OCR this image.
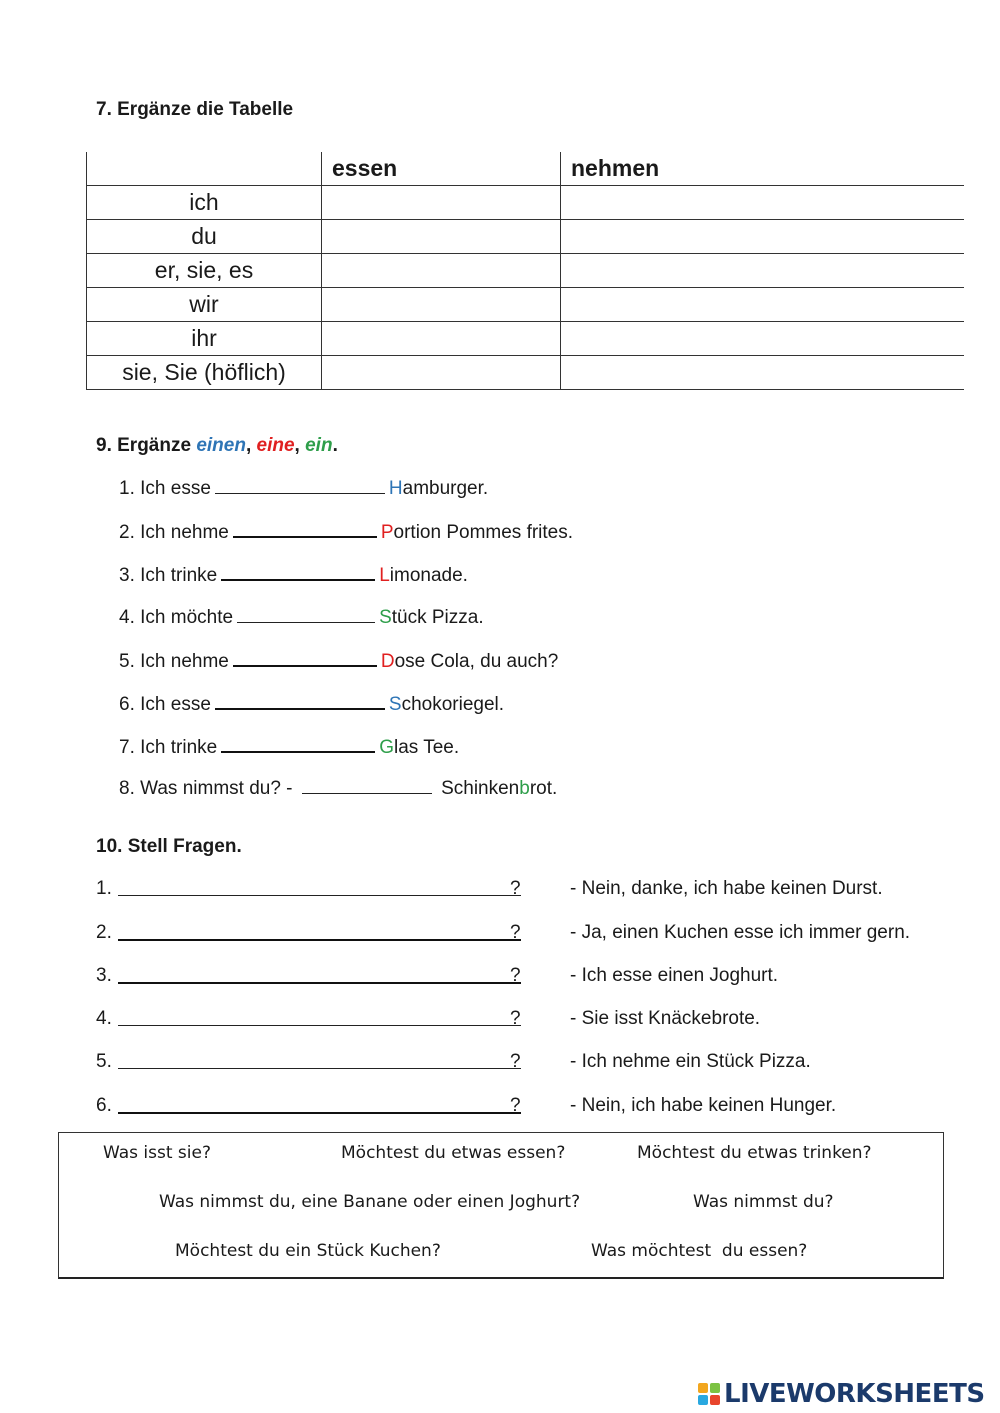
7. Ergänze die Tabelle
	essen	nehmen
ich		
du		
er, sie, es		
wir		
ihr		
sie, Sie (höflich)		
9. Ergänze einen, eine, ein.
1. Ich esse	Hamburger.
2. Ich nehme	Portion Pommes frites.
3. Ich trinke	Limonade.
4. Ich möchte	Stück Pizza.
5. Ich nehme	Dose Cola, du auch?
6. Ich esse	Schokoriegel.
7. Ich trinke	Glas Tee.
8. Was nimmst du? -	Schinkenbrot.
10. Stell Fragen.
1.	?	- Nein, danke, ich habe keinen Durst.
2.	?	- Ja, einen Kuchen esse ich immer gern.
3.	?	- Ich esse einen Joghurt.
4.	?	- Sie isst Knäckebrote.
5.	?	- Ich nehme ein Stück Pizza.
6.	?	- Nein, ich habe keinen Hunger.
Was isst sie?	Möchtest du etwas essen?	Möchtest du etwas trinken?
Was nimmst du, eine Banane oder einen Joghurt?	Was nimmst du?
Möchtest du ein Stück Kuchen?	Was möchtest  du essen?
LIVEWORKSHEETS
